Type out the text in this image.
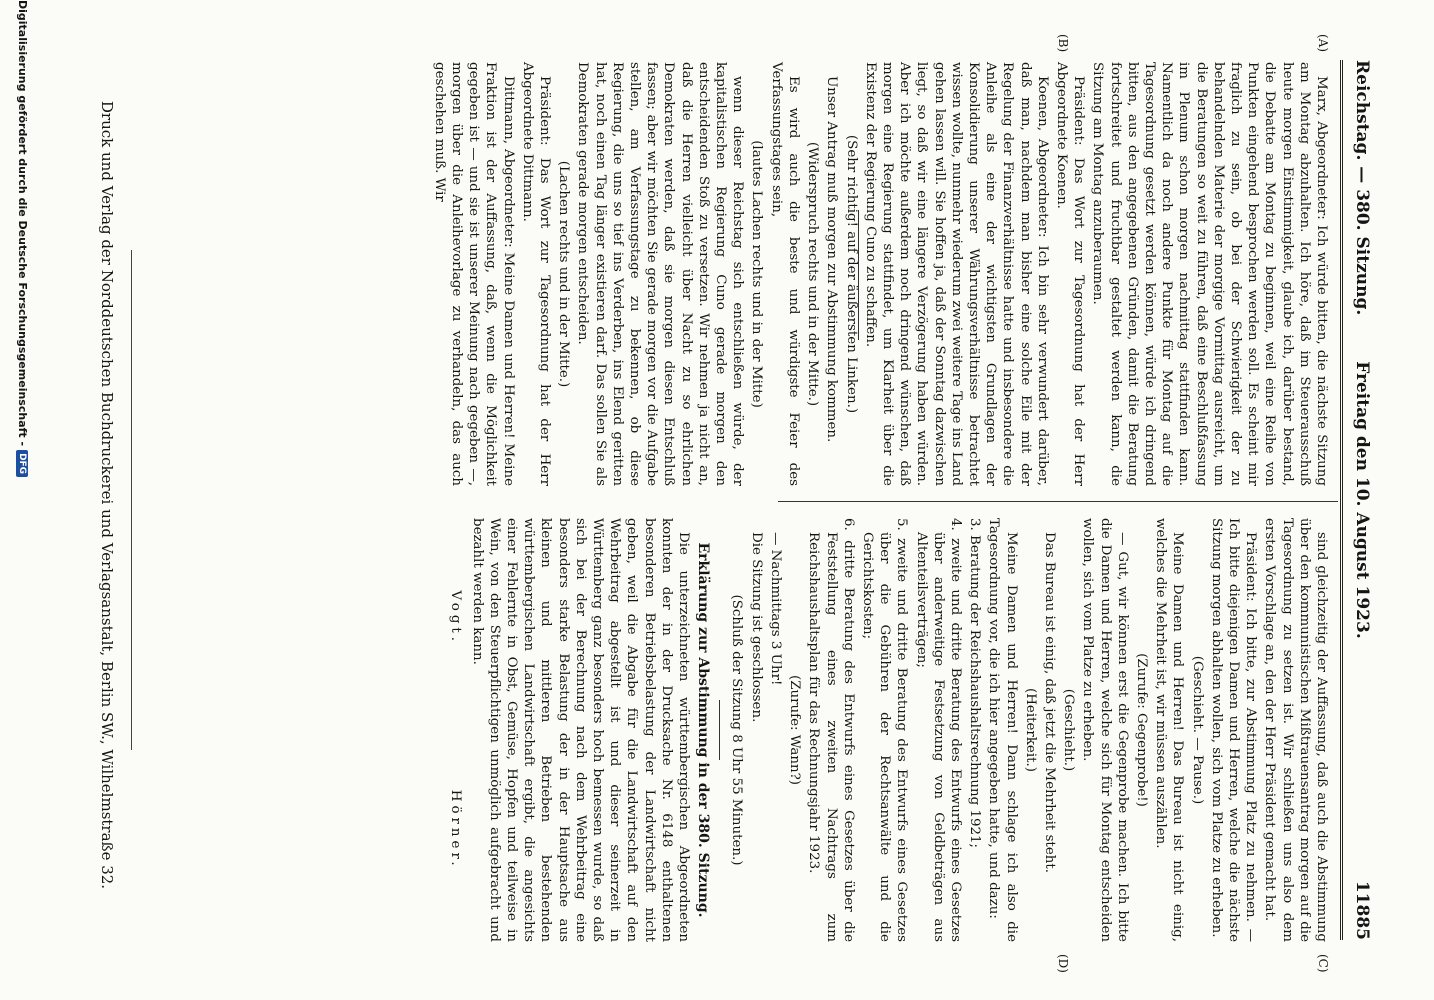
Reichstag. — 380. Sitzung.
Freitag den 10. August 1923.
11885
(A)
(B)
(C)
(D)

Marx, Abgeordneter: Ich würde bitten, die nächste Sitzung am Montag abzuhalten. Ich höre, daß im Steuerausschuß heute morgen Einstimmigkeit, glaube ich, darüber bestand, die Debatte am Montag zu beginnen, weil eine Reihe von Punkten eingehend besprochen werden soll. Es scheint mir fraglich zu sein, ob bei der Schwierigkeit der zu behandelnden Materie der morgige Vormittag ausreicht, um die Beratungen so weit zu führen, daß eine Beschlußfassung im Plenum schon morgen nachmittag stattfinden kann. Namentlich da noch andere Punkte für Montag auf die Tagesordnung gesetzt werden können, würde ich dringend bitten, aus den angegebenen Gründen, damit die Beratung fortschreitet und fruchtbar gestaltet werden kann, die Sitzung am Montag anzuberaumen.

Präsident: Das Wort zur Tagesordnung hat der Herr Abgeordnete Koenen.

Koenen, Abgeordneter: Ich bin sehr verwundert darüber, daß man, nachdem man bisher eine solche Eile mit der Regelung der Finanzverhältnisse hatte und insbesondere die Anleihe als eine der wichtigsten Grundlagen der Konsolidierung unserer Währungsverhältnisse betrachtet wissen wollte, nunmehr wiederum zwei weitere Tage ins Land gehen lassen will. Sie hoffen ja, daß der Sonntag dazwischen liegt, so daß wir eine längere Verzögerung haben würden. Aber ich möchte außerdem noch dringend wünschen, daß morgen eine Regierung stattfindet, um Klarheit über die Existenz der Regierung Cuno zu schaffen.

(Sehr richtig! auf der äußersten Linken.)

Unser Antrag muß morgen zur Abstimmung kommen.

(Widerspruch rechts und in der Mitte.)

Es wird auch die beste und würdigste Feier des Verfassungstages sein,

(lautes Lachen rechts und in der Mitte)

wenn dieser Reichstag sich entschließen würde, der kapitalistischen Regierung Cuno gerade morgen den entscheidenden Stoß zu versetzen. Wir nehmen ja nicht an, daß die Herren vielleicht über Nacht zu so ehrlichen Demokraten werden, daß sie morgen diesen Entschluß fassen; aber wir möchten Sie gerade morgen vor die Aufgabe stellen, am Verfassungstage zu bekennen, ob diese Regierung, die uns so tief ins Verderben, ins Elend geritten hat, noch einen Tag länger existieren darf. Das sollen Sie als Demokraten gerade morgen entscheiden.

(Lachen rechts und in der Mitte.)

Präsident: Das Wort zur Tagesordnung hat der Herr Abgeordnete Dittmann.

Dittmann, Abgeordneter: Meine Damen und Herren! Meine Fraktion ist der Auffassung, daß, wenn die Möglichkeit gegeben ist — und sie ist unserer Meinung nach gegeben —, morgen über die Anleihevorlage zu verhandeln, das auch geschehen muß. Wir

sind gleichzeitig der Auffassung, daß auch die Abstimmung über den kommunistischen Mißtrauensantrag morgen auf die Tagesordnung zu setzen ist. Wir schließen uns also dem ersten Vorschlage an, den der Herr Präsident gemacht hat.

Präsident: Ich bitte, zur Abstimmung Platz zu nehmen. — Ich bitte diejenigen Damen und Herren, welche die nächste Sitzung morgen abhalten wollen, sich vom Platze zu erheben.

(Geschieht. — Pause.)

Meine Damen und Herren! Das Bureau ist nicht einig, welches die Mehrheit ist, wir müssen auszählen.

(Zurufe: Gegenprobe!)

— Gut, wir können erst die Gegenprobe machen. Ich bitte die Damen und Herren, welche sich für Montag entscheiden wollen, sich vom Platze zu erheben.

(Geschieht.)

Das Bureau ist einig, daß jetzt die Mehrheit steht.

(Heiterkeit.)

Meine Damen und Herren! Dann schlage ich also die Tagesordnung vor, die ich hier angegeben hatte, und dazu:

3. Beratung der Reichshaushaltsrechnung 1921;

4. zweite und dritte Beratung des Entwurfs eines Gesetzes über anderweitige Festsetzung von Geldbeträgen aus Altenteilsverträgen;

5. zweite und dritte Beratung des Entwurfs eines Gesetzes über die Gebühren der Rechtsanwälte und die Gerichtskosten;

6. dritte Beratung des Entwurfs eines Gesetzes über die Feststellung eines zweiten Nachtrags zum Reichshaushaltsplan für das Rechnungsjahr 1923.

(Zurufe: Wann?)

— Nachmittags 3 Uhr!

Die Sitzung ist geschlossen.

(Schluß der Sitzung 8 Uhr 55 Minuten.)

Erklärung zur Abstimmung in der 380. Sitzung.

Die unterzeichneten württembergischen Abgeordneten konnten der in der Drucksache Nr. 6148 enthaltenen besonderen Betriebsbelastung der Landwirtschaft nicht geben, weil die Abgabe für die Landwirtschaft auf den Wehrbeitrag abgestellt ist und dieser seinerzeit in Württemberg ganz besonders hoch bemessen wurde, so daß sich bei der Berechnung nach dem Wehrbeitrag eine besonders starke Belastung der in der Hauptsache aus kleinen und mittleren Betrieben bestehenden württembergischen Landwirtschaft ergibt, die angesichts einer Fehlernte in Obst, Gemüse, Hopfen und teilweise in Wein, von den Steuerpflichtigen unmöglich aufgebracht und bezahlt werden kann.

Vogt.
Hörner.
Druck und Verlag der Norddeutschen Buchdruckerei und Verlagsanstalt, Berlin SW., Wilhelmstraße 32.
Digitalisierung gefördert durch die Deutsche Forschungsgemeinschaft -
DFG
